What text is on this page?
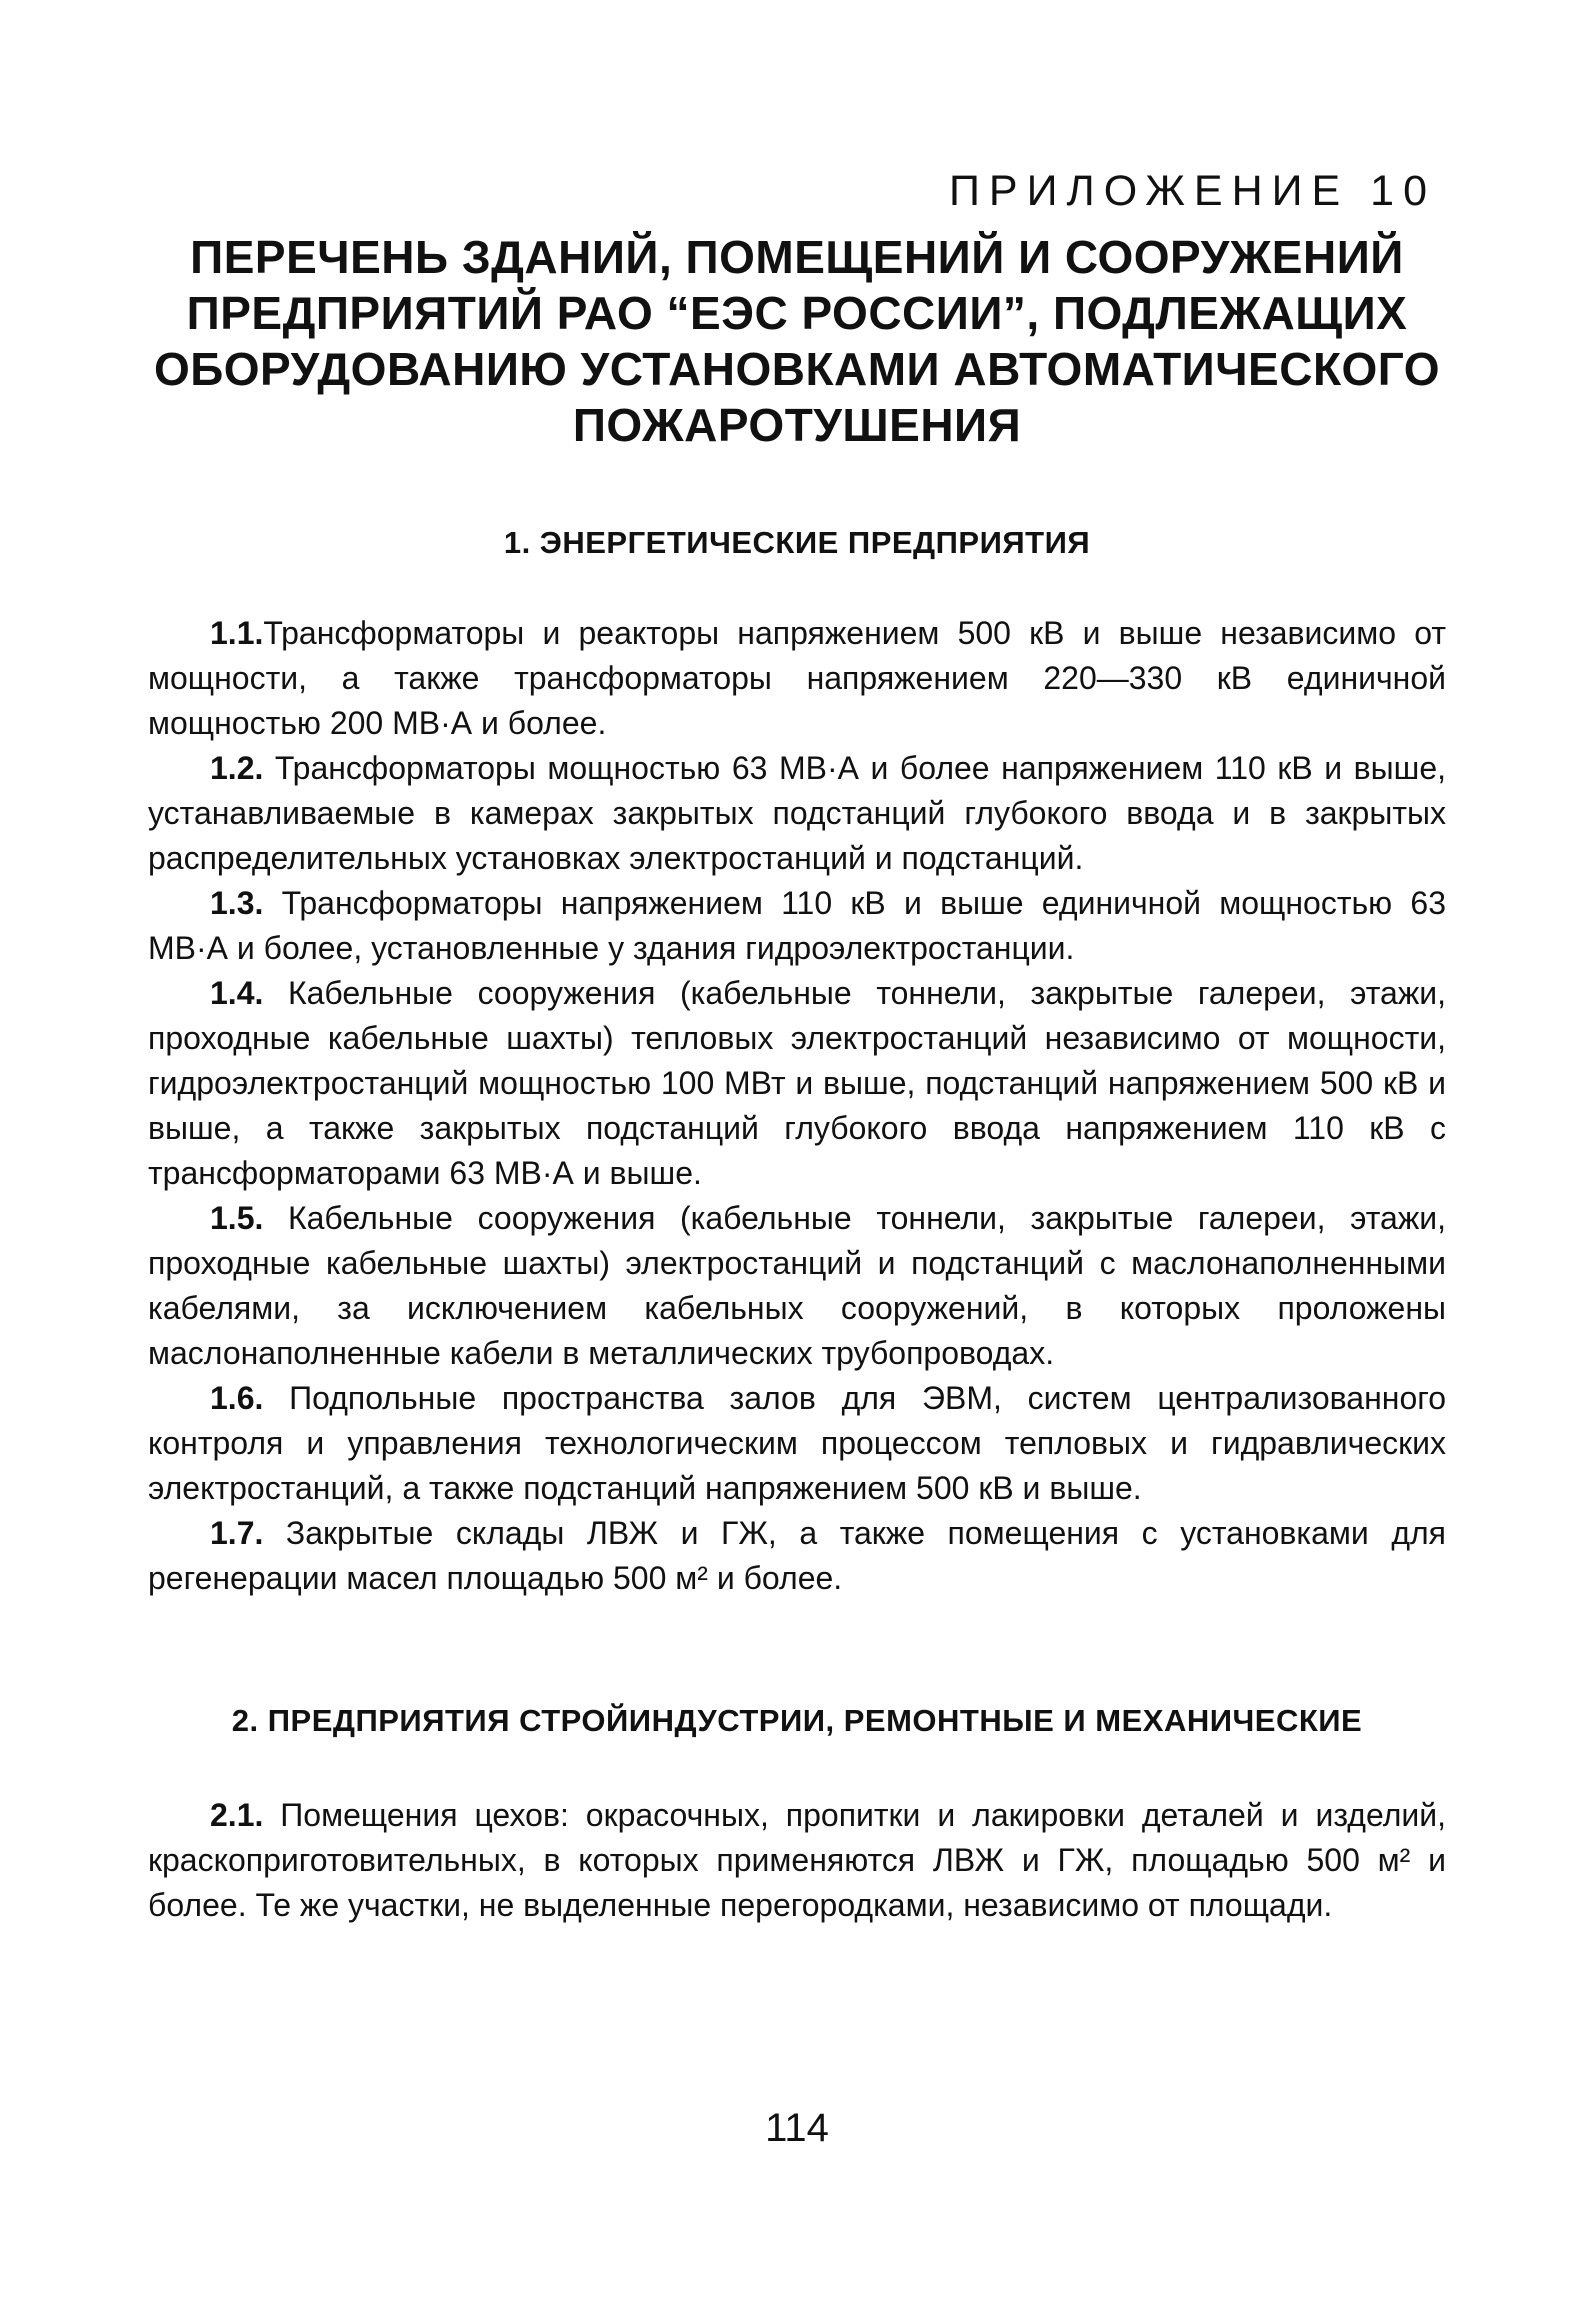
ПРИЛОЖЕНИЕ 10
ПЕРЕЧЕНЬ ЗДАНИЙ, ПОМЕЩЕНИЙ И СООРУЖЕНИЙ ПРЕДПРИЯТИЙ РАО “ЕЭС РОССИИ”, ПОДЛЕЖАЩИХ ОБОРУДОВАНИЮ УСТАНОВКАМИ АВТОМАТИЧЕСКОГО ПОЖАРОТУШЕНИЯ
1. ЭНЕРГЕТИЧЕСКИЕ ПРЕДПРИЯТИЯ

1.1.Трансформаторы и реакторы напряжением 500 кВ и выше независимо от мощности, а также трансформаторы напряжением 220—330 кВ единичной мощностью 200 МВ·А и более.

1.2. Трансформаторы мощностью 63 МВ·А и более напряжением 110 кВ и выше, устанавливаемые в камерах закрытых подстанций глубокого ввода и в закрытых распределительных установках электростанций и подстанций.

1.3. Трансформаторы напряжением 110 кВ и выше единичной мощностью 63 МВ·А и более, установленные у здания гидроэлектростанции.

1.4. Кабельные сооружения (кабельные тоннели, закрытые галереи, этажи, проходные кабельные шахты) тепловых электростанций независимо от мощности, гидроэлектростанций мощностью 100 МВт и выше, подстанций напряжением 500 кВ и выше, а также закрытых подстанций глубокого ввода напряжением 110 кВ с трансформаторами 63 МВ·А и выше.

1.5. Кабельные сооружения (кабельные тоннели, закрытые галереи, этажи, проходные кабельные шахты) электростанций и подстанций с маслонаполненными кабелями, за исключением кабельных сооружений, в которых проложены маслонаполненные кабели в металлических трубопроводах.

1.6. Подпольные пространства залов для ЭВМ, систем централизованного контроля и управления технологическим процессом тепловых и гидравлических электростанций, а также подстанций напряжением 500 кВ и выше.

1.7. Закрытые склады ЛВЖ и ГЖ, а также помещения с установками для регенерации масел площадью 500 м² и более.

2. ПРЕДПРИЯТИЯ СТРОЙИНДУСТРИИ, РЕМОНТНЫЕ И МЕХАНИЧЕСКИЕ

2.1. Помещения цехов: окрасочных, пропитки и лакировки деталей и изделий, краскоприготовительных, в которых применяются ЛВЖ и ГЖ, площадью 500 м² и более. Те же участки, не выделенные перегородками, независимо от площади.

114
